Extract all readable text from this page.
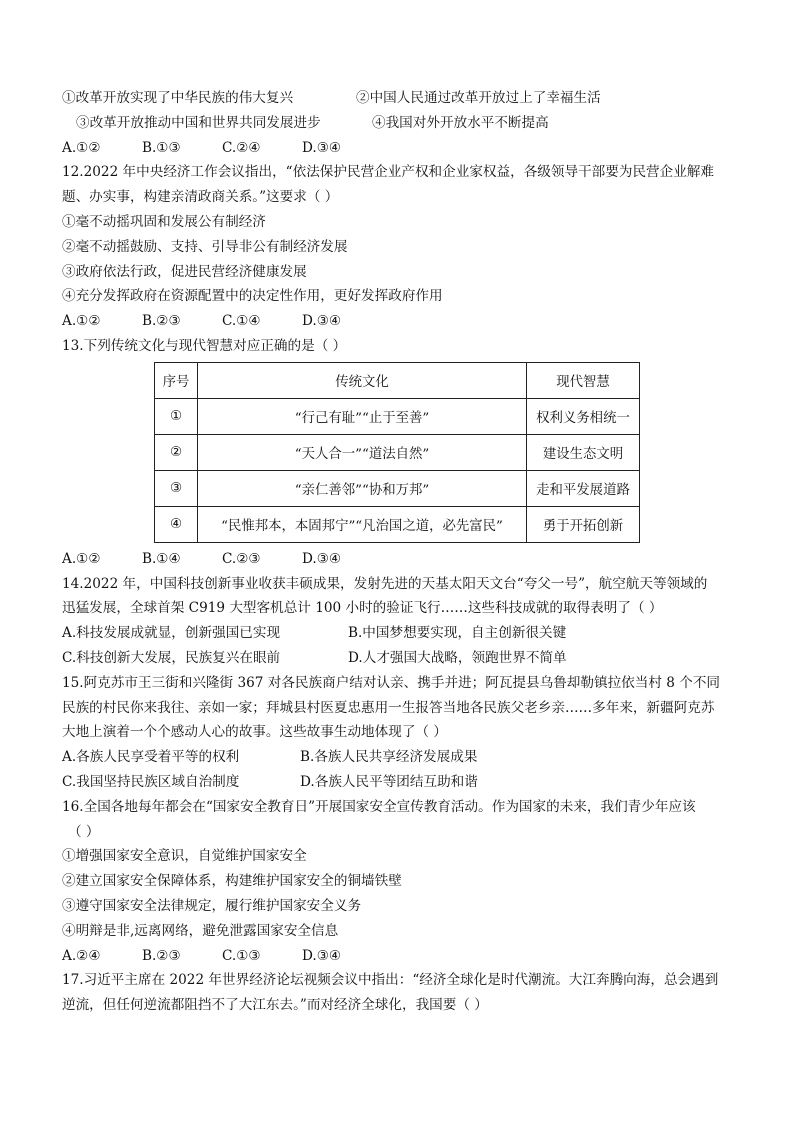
①改革开放实现了中华民族的伟大复兴	②中国人民通过改革开放过上了幸福生活
③改革开放推动中国和世界共同发展进步	④我国对外开放水平不断提高
A.①②	B.①③	C.②④	D.③④
12.2022 年中央经济工作会议指出，“依法保护民营企业产权和企业家权益，各级领导干部要为民营企业解难
题、办实事，构建亲清政商关系。”这要求（ ）
①毫不动摇巩固和发展公有制经济
②毫不动摇鼓励、支持、引导非公有制经济发展
③政府依法行政，促进民营经济健康发展
④充分发挥政府在资源配置中的决定性作用，更好发挥政府作用
A.①②	B.②③	C.①④	D.③④
13.下列传统文化与现代智慧对应正确的是（ ）
序号	传统文化	现代智慧
①	“行己有耻”“止于至善”	权利义务相统一
②	“天人合一”“道法自然”	建设生态文明
③	“亲仁善邻”“协和万邦”	走和平发展道路
④	“民惟邦本，本固邦宁”“凡治国之道，必先富民”	勇于开拓创新
A.①②	B.①④	C.②③	D.③④
14.2022 年，中国科技创新事业收获丰硕成果，发射先进的天基太阳天文台“夸父一号”，航空航天等领域的
迅猛发展，全球首架 C919 大型客机总计 100 小时的验证飞行……这些科技成就的取得表明了（ ）
A.科技发展成就显，创新强国已实现	B.中国梦想要实现，自主创新很关键
C.科技创新大发展，民族复兴在眼前	D.人才强国大战略，领跑世界不简单
15.阿克苏市王三街和兴隆街 367 对各民族商户结对认亲、携手并进；阿瓦提县乌鲁却勒镇拉依当村 8 个不同
民族的村民你来我往、亲如一家；拜城县村医夏忠惠用一生报答当地各民族父老乡亲……多年来，新疆阿克苏
大地上演着一个个感动人心的故事。这些故事生动地体现了（ ）
A.各族人民享受着平等的权利	B.各族人民共享经济发展成果
C.我国坚持民族区域自治制度	D.各族人民平等团结互助和谐
16.全国各地每年都会在“国家安全教育日”开展国家安全宣传教育活动。作为国家的未来，我们青少年应该
（ ）
①增强国家安全意识，自觉维护国家安全
②建立国家安全保障体系，构建维护国家安全的铜墙铁壁
③遵守国家安全法律规定，履行维护国家安全义务
④明辩是非,远离网络，避免泄露国家安全信息
A.②④	B.②③	C.①③	D.③④
17.习近平主席在 2022 年世界经济论坛视频会议中指出：“经济全球化是时代潮流。大江奔腾向海，总会遇到
逆流，但任何逆流都阻挡不了大江东去。”而对经济全球化，我国要（ ）
